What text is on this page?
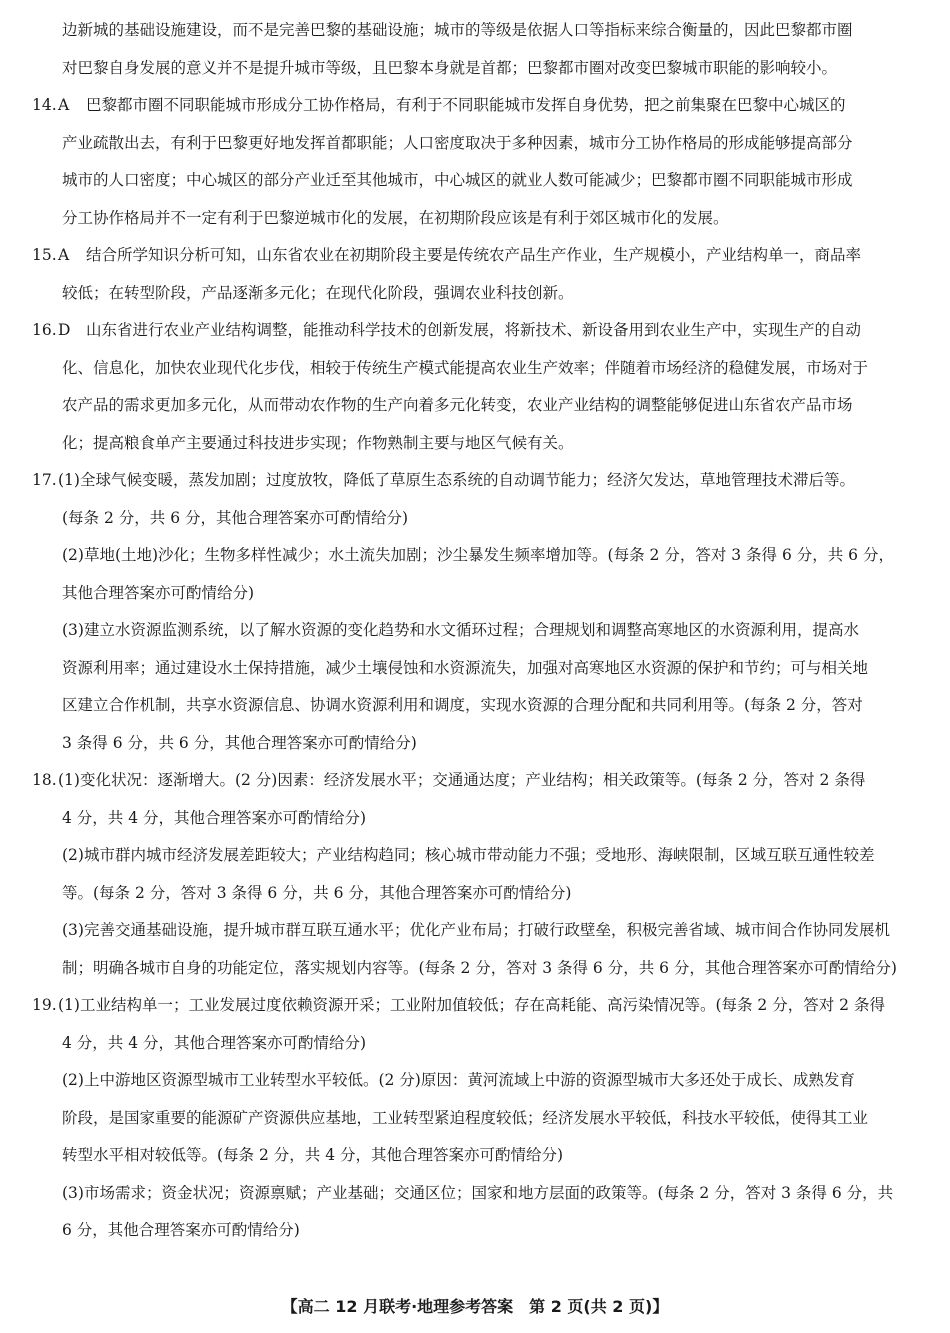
边新城的基础设施建设，而不是完善巴黎的基础设施；城市的等级是依据人口等指标来综合衡量的，因此巴黎都市圈
对巴黎自身发展的意义并不是提升城市等级，且巴黎本身就是首都；巴黎都市圈对改变巴黎城市职能的影响较小。
14.A 巴黎都市圈不同职能城市形成分工协作格局，有利于不同职能城市发挥自身优势，把之前集聚在巴黎中心城区的
产业疏散出去，有利于巴黎更好地发挥首都职能；人口密度取决于多种因素，城市分工协作格局的形成能够提高部分
城市的人口密度；中心城区的部分产业迁至其他城市，中心城区的就业人数可能减少；巴黎都市圈不同职能城市形成
分工协作格局并不一定有利于巴黎逆城市化的发展，在初期阶段应该是有利于郊区城市化的发展。
15.A 结合所学知识分析可知，山东省农业在初期阶段主要是传统农产品生产作业，生产规模小，产业结构单一，商品率
较低；在转型阶段，产品逐渐多元化；在现代化阶段，强调农业科技创新。
16.D 山东省进行农业产业结构调整，能推动科学技术的创新发展，将新技术、新设备用到农业生产中，实现生产的自动
化、信息化，加快农业现代化步伐，相较于传统生产模式能提高农业生产效率；伴随着市场经济的稳健发展，市场对于
农产品的需求更加多元化，从而带动农作物的生产向着多元化转变，农业产业结构的调整能够促进山东省农产品市场
化；提高粮食单产主要通过科技进步实现；作物熟制主要与地区气候有关。
17.(1)全球气候变暖，蒸发加剧；过度放牧，降低了草原生态系统的自动调节能力；经济欠发达，草地管理技术滞后等。
(每条 2 分，共 6 分，其他合理答案亦可酌情给分)
(2)草地(土地)沙化；生物多样性减少；水土流失加剧；沙尘暴发生频率增加等。(每条 2 分，答对 3 条得 6 分，共 6 分，
其他合理答案亦可酌情给分)
(3)建立水资源监测系统，以了解水资源的变化趋势和水文循环过程；合理规划和调整高寒地区的水资源利用，提高水
资源利用率；通过建设水土保持措施，减少土壤侵蚀和水资源流失，加强对高寒地区水资源的保护和节约；可与相关地
区建立合作机制，共享水资源信息、协调水资源利用和调度，实现水资源的合理分配和共同利用等。(每条 2 分，答对
3 条得 6 分，共 6 分，其他合理答案亦可酌情给分)
18.(1)变化状况：逐渐增大。(2 分)因素：经济发展水平；交通通达度；产业结构；相关政策等。(每条 2 分，答对 2 条得
4 分，共 4 分，其他合理答案亦可酌情给分)
(2)城市群内城市经济发展差距较大；产业结构趋同；核心城市带动能力不强；受地形、海峡限制，区域互联互通性较差
等。(每条 2 分，答对 3 条得 6 分，共 6 分，其他合理答案亦可酌情给分)
(3)完善交通基础设施，提升城市群互联互通水平；优化产业布局；打破行政壁垒，积极完善省域、城市间合作协同发展机
制；明确各城市自身的功能定位，落实规划内容等。(每条 2 分，答对 3 条得 6 分，共 6 分，其他合理答案亦可酌情给分)
19.(1)工业结构单一；工业发展过度依赖资源开采；工业附加值较低；存在高耗能、高污染情况等。(每条 2 分，答对 2 条得
4 分，共 4 分，其他合理答案亦可酌情给分)
(2)上中游地区资源型城市工业转型水平较低。(2 分)原因：黄河流域上中游的资源型城市大多还处于成长、成熟发育
阶段，是国家重要的能源矿产资源供应基地，工业转型紧迫程度较低；经济发展水平较低，科技水平较低，使得其工业
转型水平相对较低等。(每条 2 分，共 4 分，其他合理答案亦可酌情给分)
(3)市场需求；资金状况；资源禀赋；产业基础；交通区位；国家和地方层面的政策等。(每条 2 分，答对 3 条得 6 分，共
6 分，其他合理答案亦可酌情给分)
【高二 12 月联考·地理参考答案　第 2 页(共 2 页)】
